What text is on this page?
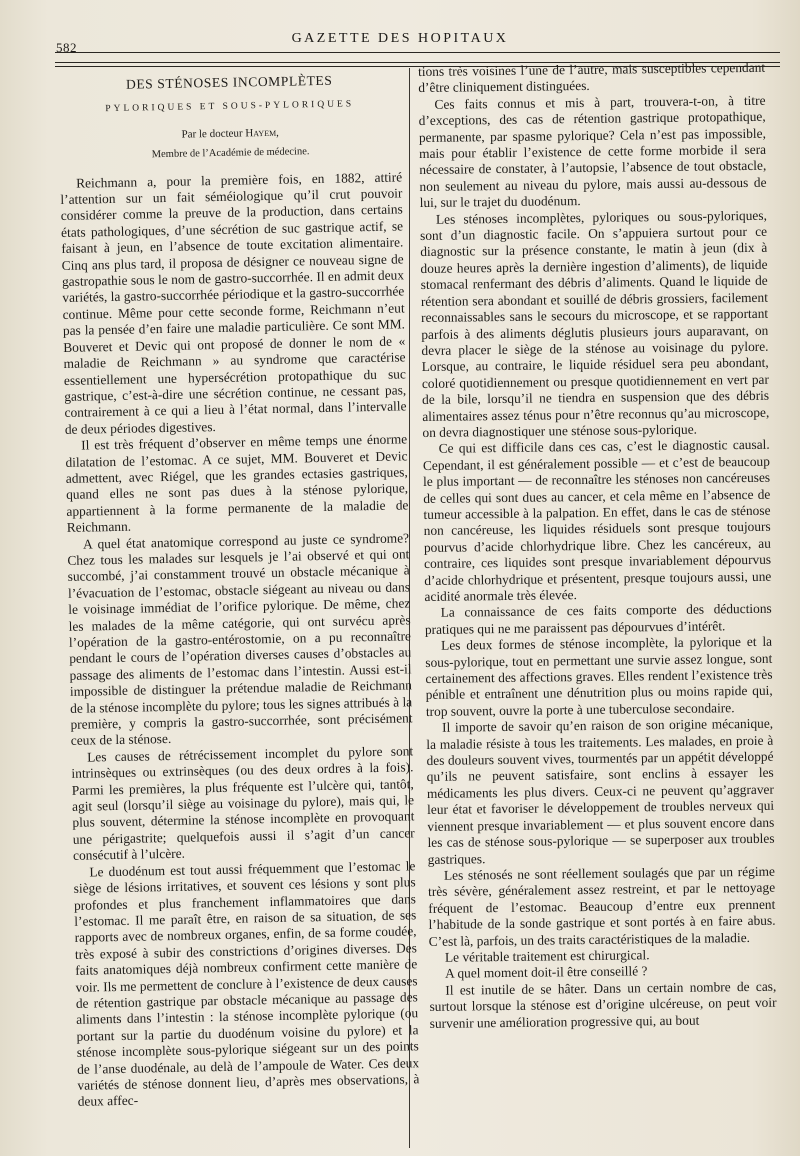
582
GAZETTE DES HOPITAUX
DES STÉNOSES INCOMPLÈTES
PYLORIQUES ET SOUS-PYLORIQUES
Par le docteur Hayem,
Membre de l’Académie de médecine.

Reichmann a, pour la première fois, en 1882, attiré l’attention sur un fait séméiologique qu’il crut pouvoir considérer comme la preuve de la production, dans certains états pathologiques, d’une sécrétion de suc gastrique actif, se faisant à jeun, en l’absence de toute excitation alimentaire. Cinq ans plus tard, il proposa de désigner ce nouveau signe de gastropathie sous le nom de gastro-succorrhée. Il en admit deux variétés, la gastro-succorrhée périodique et la gastro-succorrhée continue. Même pour cette seconde forme, Reichmann n’eut pas la pensée d’en faire une maladie particulière. Ce sont MM. Bouveret et Devic qui ont proposé de donner le nom de « maladie de Reichmann » au syndrome que caractérise essentiellement une hypersécrétion protopathique du suc gastrique, c’est-à-dire une sécrétion continue, ne cessant pas, contrairement à ce qui a lieu à l’état normal, dans l’intervalle de deux périodes digestives.

Il est très fréquent d’observer en même temps une énorme dilatation de l’estomac. A ce sujet, MM. Bouveret et Devic admettent, avec Riégel, que les grandes ectasies gastriques, quand elles ne sont pas dues à la sténose pylorique, appartiennent à la forme permanente de la maladie de Reichmann.

A quel état anatomique correspond au juste ce syndrome? Chez tous les malades sur lesquels je l’ai observé et qui ont succombé, j’ai constamment trouvé un obstacle mécanique à l’évacuation de l’estomac, obstacle siégeant au niveau ou dans le voisinage immédiat de l’orifice pylorique. De même, chez les malades de la même catégorie, qui ont survécu après l’opération de la gastro-entérostomie, on a pu reconnaître pendant le cours de l’opération diverses causes d’obstacles au passage des aliments de l’estomac dans l’intestin. Aussi est-il impossible de distinguer la prétendue maladie de Reichmann de la sténose incomplète du pylore; tous les signes attribués à la première, y compris la gastro-succorrhée, sont précisément ceux de la sténose.

Les causes de rétrécissement incomplet du pylore sont intrinsèques ou extrinsèques (ou des deux ordres à la fois). Parmi les premières, la plus fréquente est l’ulcère qui, tantôt, agit seul (lorsqu’il siège au voisinage du pylore), mais qui, le plus souvent, détermine la sténose incomplète en provoquant une périgastrite; quelquefois aussi il s’agit d’un cancer consécutif à l’ulcère.

Le duodénum est tout aussi fréquemment que l’estomac le siège de lésions irritatives, et souvent ces lésions y sont plus profondes et plus franchement inflammatoires que dans l’estomac. Il me paraît être, en raison de sa situation, de ses rapports avec de nombreux organes, enfin, de sa forme coudée, très exposé à subir des constrictions d’origines diverses. Des faits anatomiques déjà nombreux confirment cette manière de voir. Ils me permettent de conclure à l’existence de deux causes de rétention gastrique par obstacle mécanique au passage des aliments dans l’intestin : la sténose incomplète pylorique (ou portant sur la partie du duodénum voisine du pylore) et la sténose incomplète sous-pylorique siégeant sur un des points de l’anse duodénale, au delà de l’ampoule de Water. Ces deux variétés de sténose donnent lieu, d’après mes observations, à deux affec-

tions très voisines l’une de l’autre, mais susceptibles cependant d’être cliniquement distinguées.

Ces faits connus et mis à part, trouvera-t-on, à titre d’exceptions, des cas de rétention gastrique protopathique, permanente, par spasme pylorique? Cela n’est pas impossible, mais pour établir l’existence de cette forme morbide il sera nécessaire de constater, à l’autopsie, l’absence de tout obstacle, non seulement au niveau du pylore, mais aussi au-dessous de lui, sur le trajet du duodénum.

Les sténoses incomplètes, pyloriques ou sous-pyloriques, sont d’un diagnostic facile. On s’appuiera surtout pour ce diagnostic sur la présence constante, le matin à jeun (dix à douze heures après la dernière ingestion d’aliments), de liquide stomacal renfermant des débris d’aliments. Quand le liquide de rétention sera abondant et souillé de débris grossiers, facilement reconnaissables sans le secours du microscope, et se rapportant parfois à des aliments déglutis plusieurs jours auparavant, on devra placer le siège de la sténose au voisinage du pylore. Lorsque, au contraire, le liquide résiduel sera peu abondant, coloré quotidiennement ou presque quotidiennement en vert par de la bile, lorsqu’il ne tiendra en suspension que des débris alimentaires assez ténus pour n’être reconnus qu’au microscope, on devra diagnostiquer une sténose sous-pylorique.

Ce qui est difficile dans ces cas, c’est le diagnostic causal. Cependant, il est généralement possible — et c’est de beaucoup le plus important — de reconnaître les sténoses non cancéreuses de celles qui sont dues au cancer, et cela même en l’absence de tumeur accessible à la palpation. En effet, dans le cas de sténose non cancéreuse, les liquides résiduels sont presque toujours pourvus d’acide chlorhydrique libre. Chez les cancéreux, au contraire, ces liquides sont presque invariablement dépourvus d’acide chlorhydrique et présentent, presque toujours aussi, une acidité anormale très élevée.

La connaissance de ces faits comporte des déductions pratiques qui ne me paraissent pas dépourvues d’intérêt.

Les deux formes de sténose incomplète, la pylorique et la sous-pylorique, tout en permettant une survie assez longue, sont certainement des affections graves. Elles rendent l’existence très pénible et entraînent une dénutrition plus ou moins rapide qui, trop souvent, ouvre la porte à une tuberculose secondaire.

Il importe de savoir qu’en raison de son origine mécanique, la maladie résiste à tous les traitements. Les malades, en proie à des douleurs souvent vives, tourmentés par un appétit développé qu’ils ne peuvent satisfaire, sont enclins à essayer les médicaments les plus divers. Ceux-ci ne peuvent qu’aggraver leur état et favoriser le développement de troubles nerveux qui viennent presque invariablement — et plus souvent encore dans les cas de sténose sous-pylorique — se superposer aux troubles gastriques.

Les sténosés ne sont réellement soulagés que par un régime très sévère, généralement assez restreint, et par le nettoyage fréquent de l’estomac. Beaucoup d’entre eux prennent l’habitude de la sonde gastrique et sont portés à en faire abus. C’est là, parfois, un des traits caractéristiques de la maladie.

Le véritable traitement est chirurgical.

A quel moment doit-il être conseillé ?

Il est inutile de se hâter. Dans un certain nombre de cas, surtout lorsque la sténose est d’origine ulcéreuse, on peut voir survenir une amélioration progressive qui, au bout
